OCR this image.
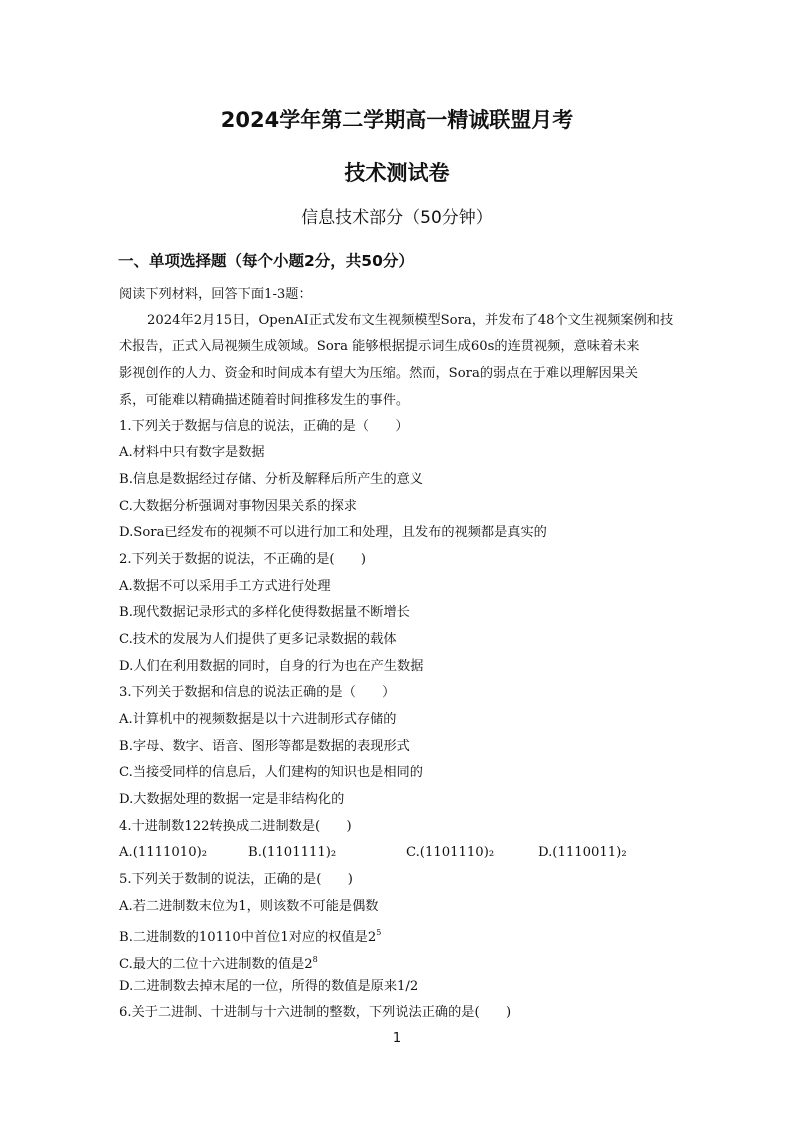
2024学年第二学期高一精诚联盟月考
技术测试卷
信息技术部分（50分钟）
一、单项选择题（每个小题2分，共50分）
阅读下列材料，回答下面1-3题：
2024年2月15日，OpenAI正式发布文生视频模型Sora，并发布了48个文生视频案例和技
术报告，正式入局视频生成领域。Sora 能够根据提示词生成60s的连贯视频，意味着未来
影视创作的人力、资金和时间成本有望大为压缩。然而，Sora的弱点在于难以理解因果关
系，可能难以精确描述随着时间推移发生的事件。
1.下列关于数据与信息的说法，正确的是（　　）
A.材料中只有数字是数据
B.信息是数据经过存储、分析及解释后所产生的意义
C.大数据分析强调对事物因果关系的探求
D.Sora已经发布的视频不可以进行加工和处理，且发布的视频都是真实的
2.下列关于数据的说法，不正确的是(　　)
A.数据不可以采用手工方式进行处理
B.现代数据记录形式的多样化使得数据量不断增长
C.技术的发展为人们提供了更多记录数据的载体
D.人们在利用数据的同时，自身的行为也在产生数据
3.下列关于数据和信息的说法正确的是（　　）
A.计算机中的视频数据是以十六进制形式存储的
B.字母、数字、语音、图形等都是数据的表现形式
C.当接受同样的信息后，人们建构的知识也是相同的
D.大数据处理的数据一定是非结构化的
4.十进制数122转换成二进制数是(　　)
A.(1111010)₂	B.(1101111)₂	C.(1101110)₂	D.(1110011)₂
5.下列关于数制的说法，正确的是(　　)
A.若二进制数末位为1，则该数不可能是偶数
B.二进制数的10110中首位1对应的权值是$2^5$
C.最大的二位十六进制数的值是$2^8$
D.二进制数去掉末尾的一位，所得的数值是原来1/2
6.关于二进制、十进制与十六进制的整数，下列说法正确的是(　　)
1
